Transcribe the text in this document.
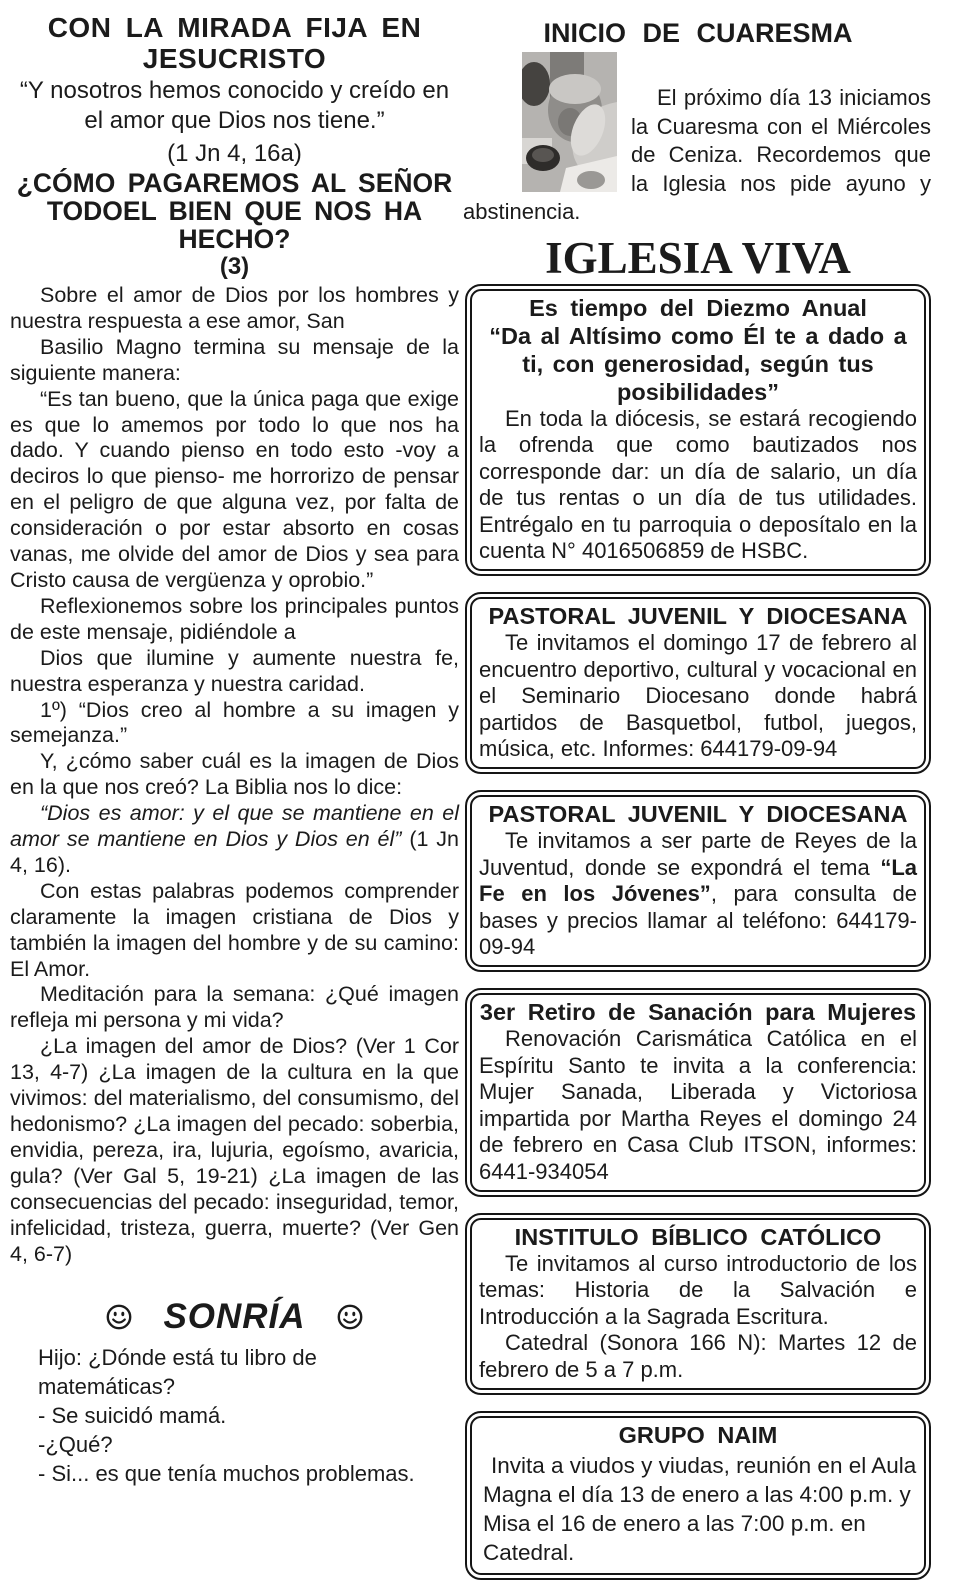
CON LA MIRADA FIJA EN JESUCRISTO
“Y nosotros hemos conocido y creído en el amor que Dios nos tiene.”
(1 Jn 4, 16a)
¿CÓMO PAGAREMOS AL SEÑOR TODOEL BIEN QUE NOS HA HECHO?
(3)

Sobre el amor de Dios por los hombres y nuestra respuesta a ese amor, San

Basilio Magno termina su mensaje de la siguiente manera:

“Es tan bueno, que la única paga que exige es que lo amemos por todo lo que nos ha dado. Y cuando pienso en todo esto -voy a deciros lo que pienso- me horrorizo de pensar en el peligro de que alguna vez, por falta de consideración o por estar absorto en cosas vanas, me olvide del amor de Dios y sea para Cristo causa de vergüenza y oprobio.”

Reflexionemos sobre los principales puntos de este mensaje, pidiéndole a

Dios que ilumine y aumente nuestra fe, nuestra esperanza y nuestra caridad.

1º) “Dios creo al hombre a su imagen y semejanza.”

Y, ¿cómo saber cuál es la imagen de Dios en la que nos creó? La Biblia nos lo dice:

“Dios es amor: y el que se mantiene en el amor se mantiene en Dios y Dios en él” (1 Jn 4, 16).

Con estas palabras podemos comprender claramente la imagen cristiana de Dios y también la imagen del hombre y de su camino: El Amor.

Meditación para la semana: ¿Qué imagen refleja mi persona y mi vida?

¿La imagen del amor de Dios? (Ver 1 Cor 13, 4-7) ¿La imagen de la cultura en la que vivimos: del materialismo, del consumismo, del hedonismo? ¿La imagen del pecado: soberbia, envidia, pereza, ira, lujuria, egoísmo, avaricia, gula? (Ver Gal 5, 19-21) ¿La imagen de las consecuencias del pecado: inseguridad, temor, infelicidad, tristeza, guerra, muerte? (Ver Gen 4, 6-7)

SONRÍA

Hijo: ¿Dónde está tu libro de matemáticas?

- Se suicidó mamá.

-¿Qué?

- Si... es que tenía muchos problemas.

INICIO DE CUARESMA

El próximo día 13 iniciamos la Cuaresma con el Miércoles de Ceniza. Recordemos que la Iglesia nos pide ayuno y abstinencia.

IGLESIA VIVA
Es tiempo del Diezmo Anual
“Da al Altísimo como Él te a dado a ti, con generosidad, según tus posibilidades”

En toda la diócesis, se estará recogiendo la ofrenda que como bautizados nos corresponde dar: un día de salario, un día de tus rentas o un día de tus utilidades. Entrégalo en tu parroquia o deposítalo en la cuenta N° 4016506859 de HSBC.

PASTORAL JUVENIL Y DIOCESANA

Te invitamos el domingo 17 de febrero al encuentro deportivo, cultural y vocacional en el Seminario Diocesano donde habrá partidos de Basquetbol, futbol, juegos, música, etc. Informes: 644179-09-94

PASTORAL JUVENIL Y DIOCESANA

Te invitamos a ser parte de Reyes de la Juventud, donde se expondrá el tema “La Fe en los Jóvenes”, para consulta de bases y precios llamar al teléfono: 644179-09-94

3er Retiro de Sanación para Mujeres

Renovación Carismática Católica en el Espíritu Santo te invita a la conferencia: Mujer Sanada, Liberada y Victoriosa impartida por Martha Reyes el domingo 24 de febrero en Casa Club ITSON, informes: 6441-934054

INSTITULO BÍBLICO CATÓLICO

Te invitamos al curso introductorio de los temas: Historia de la Salvación e Introducción a la Sagrada Escritura.

Catedral (Sonora 166 N): Martes 12 de febrero de 5 a 7 p.m.

GRUPO NAIM

Invita a viudos y viudas, reunión en el Aula Magna el día 13 de enero a las 4:00 p.m. y Misa el 16 de enero a las 7:00 p.m. en Catedral.
